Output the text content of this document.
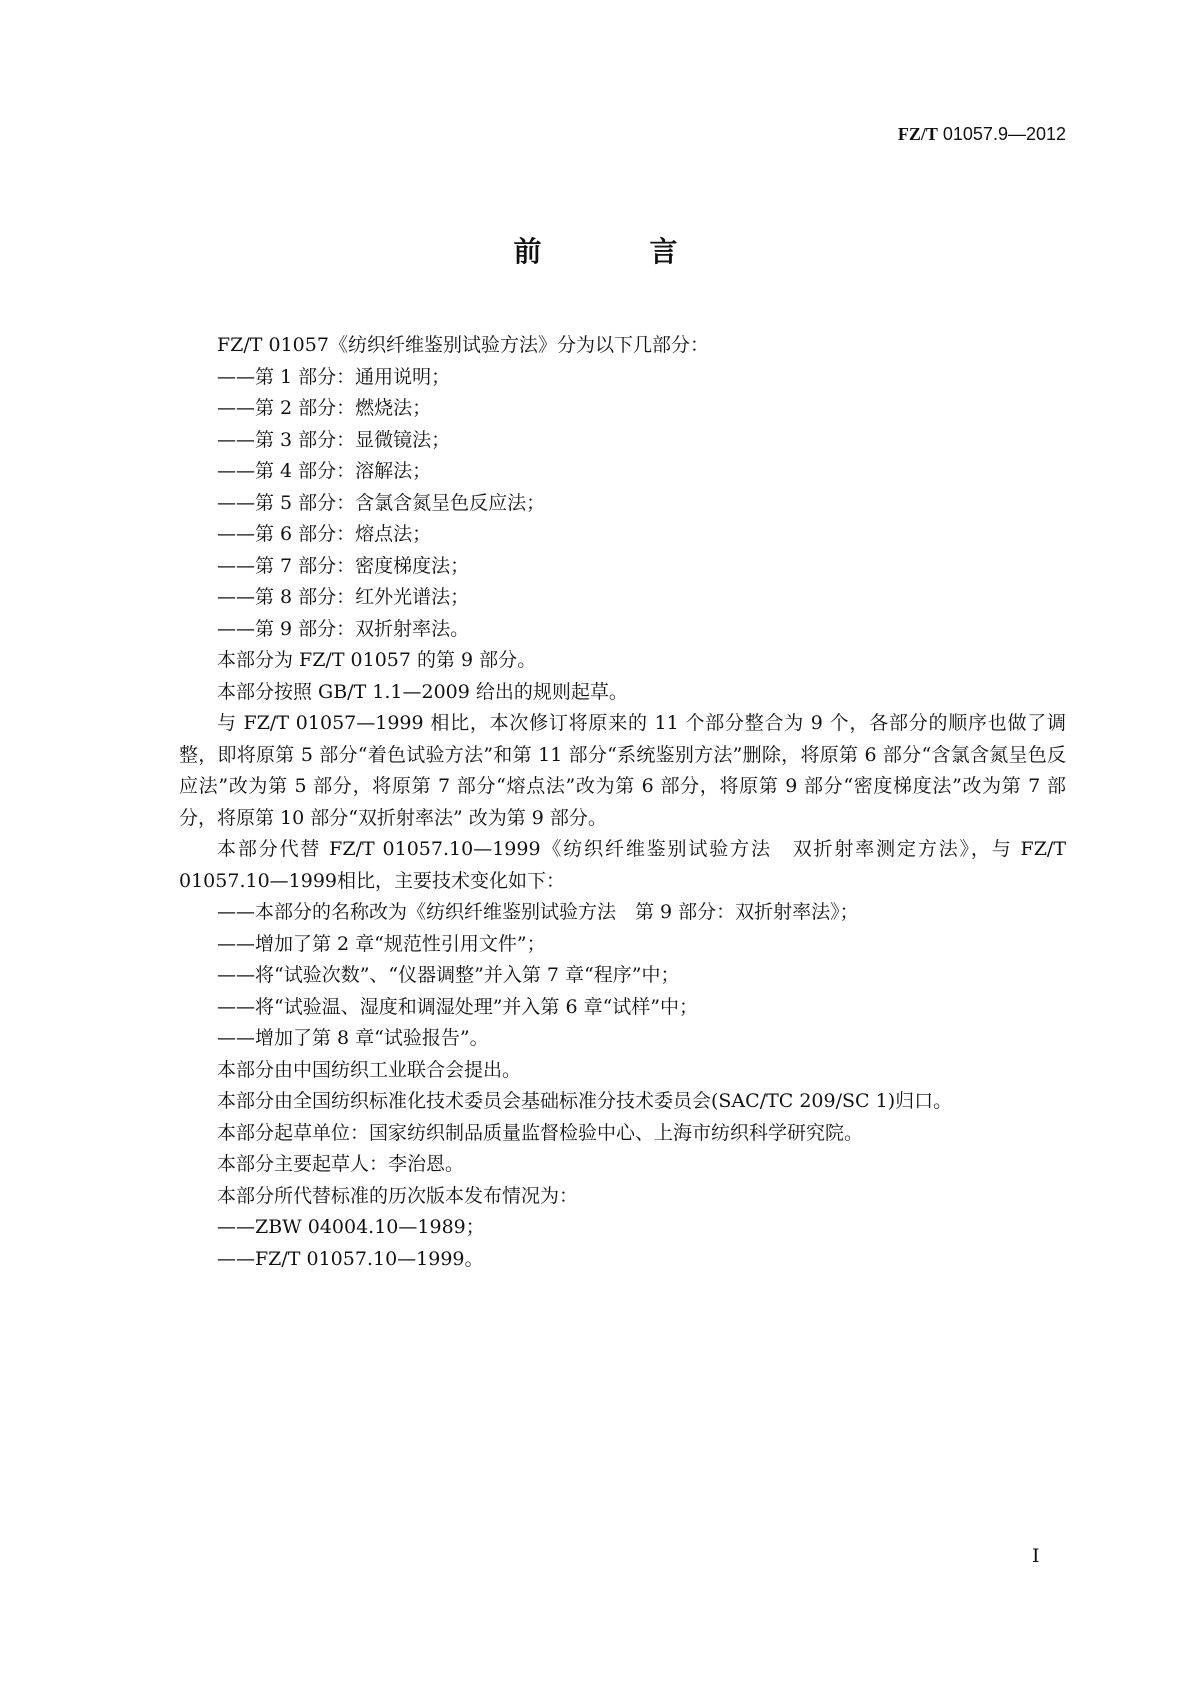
FZ/T 01057.9—2012
前　言

FZ/T 01057《纺织纤维鉴别试验方法》分为以下几部分：

——第 1 部分：通用说明；

——第 2 部分：燃烧法；

——第 3 部分：显微镜法；

——第 4 部分：溶解法；

——第 5 部分：含氯含氮呈色反应法；

——第 6 部分：熔点法；

——第 7 部分：密度梯度法；

——第 8 部分：红外光谱法；

——第 9 部分：双折射率法。

本部分为 FZ/T 01057 的第 9 部分。

本部分按照 GB/T 1.1—2009 给出的规则起草。

与 FZ/T 01057—1999 相比，本次修订将原来的 11 个部分整合为 9 个，各部分的顺序也做了调整，即将原第 5 部分“着色试验方法”和第 11 部分“系统鉴别方法”删除，将原第 6 部分“含氯含氮呈色反应法”改为第 5 部分，将原第 7 部分“熔点法”改为第 6 部分，将原第 9 部分“密度梯度法”改为第 7 部分，将原第 10 部分“双折射率法” 改为第 9 部分。

本部分代替 FZ/T 01057.10—1999《纺织纤维鉴别试验方法　双折射率测定方法》，与 FZ/T 01057.10—1999相比，主要技术变化如下：

——本部分的名称改为《纺织纤维鉴别试验方法　第 9 部分：双折射率法》；

——增加了第 2 章“规范性引用文件”；

——将“试验次数”、“仪器调整”并入第 7 章“程序”中；

——将“试验温、湿度和调湿处理”并入第 6 章“试样”中；

——增加了第 8 章“试验报告”。

本部分由中国纺织工业联合会提出。

本部分由全国纺织标准化技术委员会基础标准分技术委员会(SAC/TC 209/SC 1)归口。

本部分起草单位：国家纺织制品质量监督检验中心、上海市纺织科学研究院。

本部分主要起草人：李治恩。

本部分所代替标准的历次版本发布情况为：

——ZBW 04004.10—1989；

——FZ/T 01057.10—1999。

I
